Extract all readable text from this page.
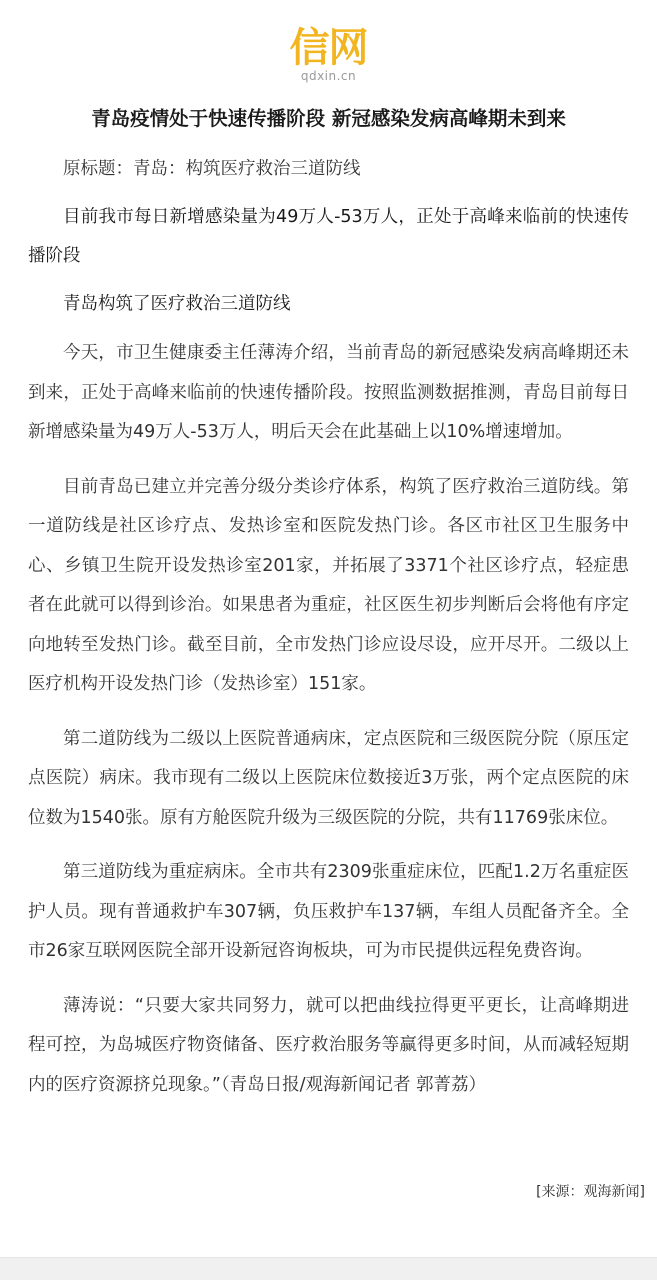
信网
qdxin.cn
青岛疫情处于快速传播阶段 新冠感染发病高峰期未到来

原标题：青岛：构筑医疗救治三道防线

目前我市每日新增感染量为49万人-53万人，正处于高峰来临前的快速传播阶段

青岛构筑了医疗救治三道防线

今天，市卫生健康委主任薄涛介绍，当前青岛的新冠感染发病高峰期还未到来，正处于高峰来临前的快速传播阶段。按照监测数据推测，青岛目前每日新增感染量为49万人-53万人，明后天会在此基础上以10%增速增加。

目前青岛已建立并完善分级分类诊疗体系，构筑了医疗救治三道防线。第一道防线是社区诊疗点、发热诊室和医院发热门诊。各区市社区卫生服务中心、乡镇卫生院开设发热诊室201家，并拓展了3371个社区诊疗点，轻症患者在此就可以得到诊治。如果患者为重症，社区医生初步判断后会将他有序定向地转至发热门诊。截至目前，全市发热门诊应设尽设，应开尽开。二级以上医疗机构开设发热门诊（发热诊室）151家。

第二道防线为二级以上医院普通病床，定点医院和三级医院分院（原压定点医院）病床。我市现有二级以上医院床位数接近3万张，两个定点医院的床位数为1540张。原有方舱医院升级为三级医院的分院，共有11769张床位。

第三道防线为重症病床。全市共有2309张重症床位，匹配1.2万名重症医护人员。现有普通救护车307辆，负压救护车137辆，车组人员配备齐全。全市26家互联网医院全部开设新冠咨询板块，可为市民提供远程免费咨询。

薄涛说：“只要大家共同努力，就可以把曲线拉得更平更长，让高峰期进程可控，为岛城医疗物资储备、医疗救治服务等赢得更多时间，从而减轻短期内的医疗资源挤兑现象。”（青岛日报/观海新闻记者 郭菁荔）

[来源：观海新闻]
